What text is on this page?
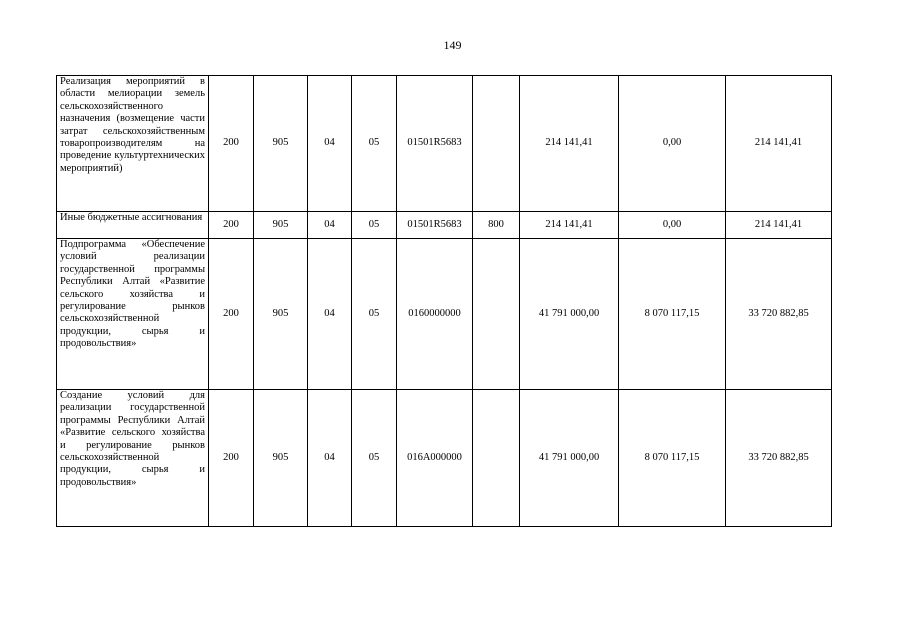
149
Реализация мероприятий в области мелиорации земель сельскохозяйственного назначения (возмещение части затрат сельскохозяйственным товаропроизводителям на проведение культуртехнических мероприятий)	200	905	04	05	01501R5683		214 141,41	0,00	214 141,41
Иные бюджетные ассигнования	200	905	04	05	01501R5683	800	214 141,41	0,00	214 141,41
Подпрограмма «Обеспечение условий реализации государственной программы Республики Алтай «Развитие сельского хозяйства и регулирование рынков сельскохозяйственной продукции, сырья и продовольствия»	200	905	04	05	0160000000		41 791 000,00	8 070 117,15	33 720 882,85
Создание условий для реализации государственной программы Республики Алтай «Развитие сельского хозяйства и регулирование рынков сельскохозяйственной продукции, сырья и продовольствия»	200	905	04	05	016A000000		41 791 000,00	8 070 117,15	33 720 882,85
